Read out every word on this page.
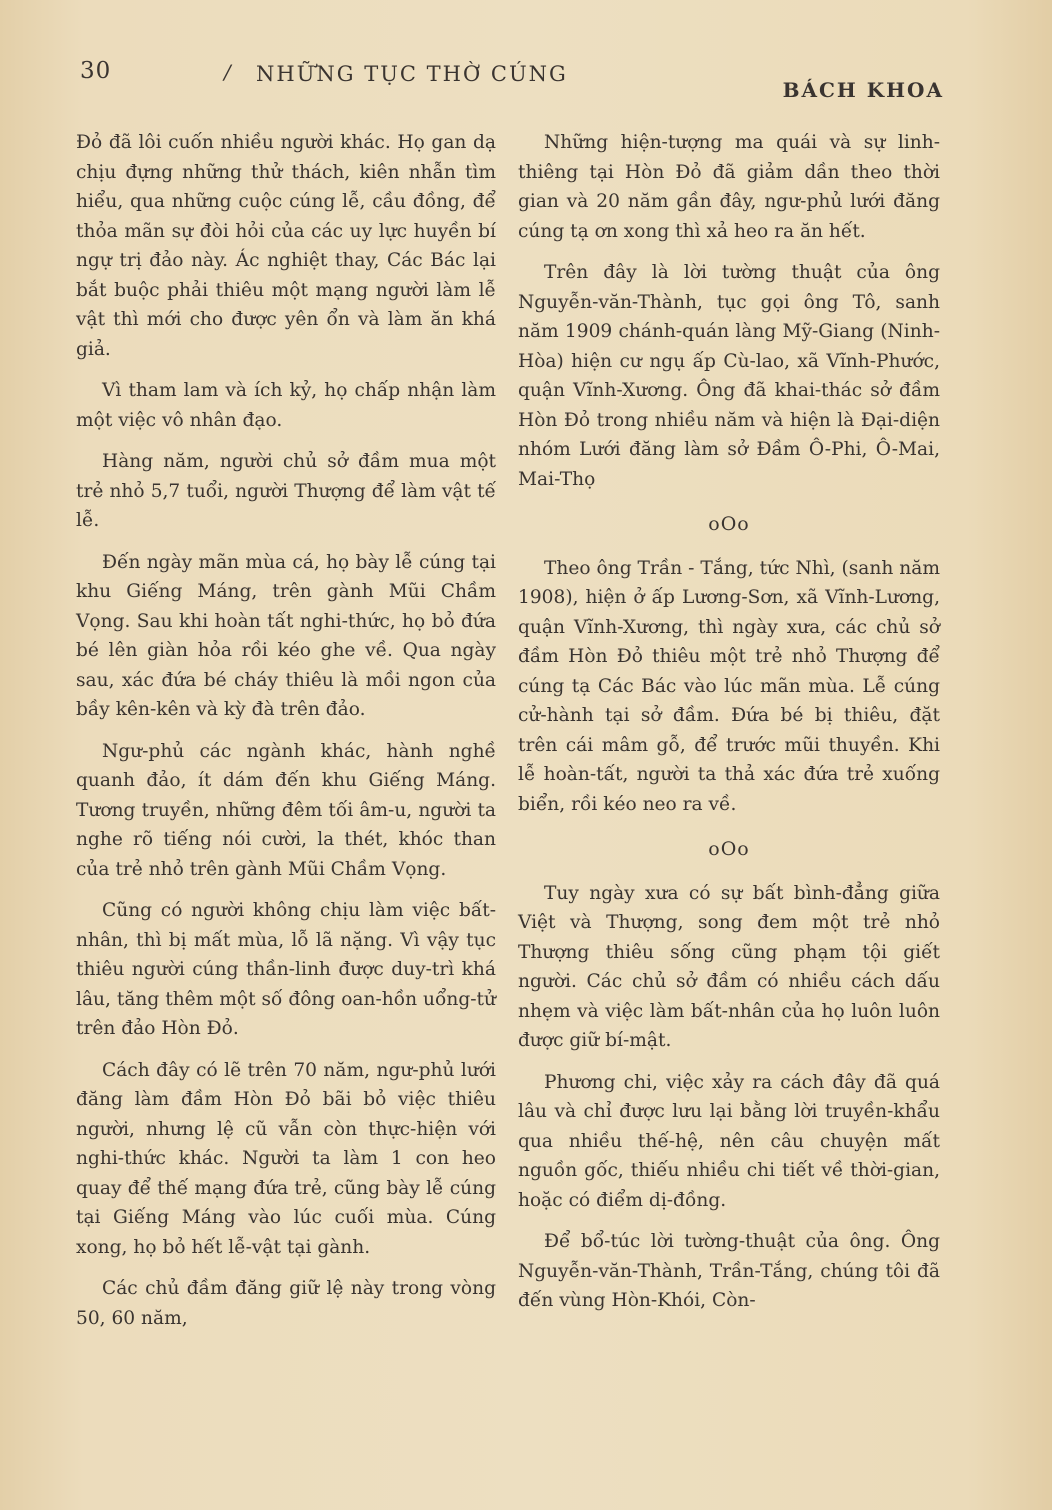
30	/ NHỮNG TỤC THỜ CÚNG
BÁCH KHOA

Đỏ đã lôi cuốn nhiều người khác. Họ gan dạ chịu đựng những thử thách, kiên nhẫn tìm hiểu, qua những cuộc cúng lễ, cầu đồng, để thỏa mãn sự đòi hỏi của các uy lực huyền bí ngự trị đảo này. Ác nghiệt thay, Các Bác lại bắt buộc phải thiêu một mạng người làm lễ vật thì mới cho được yên ổn và làm ăn khá giả.

Vì tham lam và ích kỷ, họ chấp nhận làm một việc vô nhân đạo.

Hàng năm, người chủ sở đầm mua một trẻ nhỏ 5,7 tuổi, người Thượng để làm vật tế lễ.

Đến ngày mãn mùa cá, họ bày lễ cúng tại khu Giếng Máng, trên gành Mũi Chầm Vọng. Sau khi hoàn tất nghi-thức, họ bỏ đứa bé lên giàn hỏa rồi kéo ghe về. Qua ngày sau, xác đứa bé cháy thiêu là mồi ngon của bầy kên-kên và kỳ đà trên đảo.

Ngư-phủ các ngành khác, hành nghề quanh đảo, ít dám đến khu Giếng Máng. Tương truyền, những đêm tối âm-u, người ta nghe rõ tiếng nói cười, la thét, khóc than của trẻ nhỏ trên gành Mũi Chầm Vọng.

Cũng có người không chịu làm việc bất-nhân, thì bị mất mùa, lỗ lã nặng. Vì vậy tục thiêu người cúng thần-linh được duy-trì khá lâu, tăng thêm một số đông oan-hồn uổng-tử trên đảo Hòn Đỏ.

Cách đây có lẽ trên 70 năm, ngư-phủ lưới đăng làm đầm Hòn Đỏ bãi bỏ việc thiêu người, nhưng lệ cũ vẫn còn thực-hiện với nghi-thức khác. Người ta làm 1 con heo quay để thế mạng đứa trẻ, cũng bày lễ cúng tại Giếng Máng vào lúc cuối mùa. Cúng xong, họ bỏ hết lễ-vật tại gành.

Các chủ đầm đăng giữ lệ này trong vòng 50, 60 năm,

Những hiện-tượng ma quái và sự linh-thiêng tại Hòn Đỏ đã giảm dần theo thời gian và 20 năm gần đây, ngư-phủ lưới đăng cúng tạ ơn xong thì xả heo ra ăn hết.

Trên đây là lời tường thuật của ông Nguyễn-văn-Thành, tục gọi ông Tô, sanh năm 1909 chánh-quán làng Mỹ-Giang (Ninh-Hòa) hiện cư ngụ ấp Cù-lao, xã Vĩnh-Phước, quận Vĩnh-Xương. Ông đã khai-thác sở đầm Hòn Đỏ trong nhiều năm và hiện là Đại-diện nhóm Lưới đăng làm sở Đầm Ô-Phi, Ô-Mai, Mai-Thọ

oOo

Theo ông Trần - Tắng, tức Nhì, (sanh năm 1908), hiện ở ấp Lương-Sơn, xã Vĩnh-Lương, quận Vĩnh-Xương, thì ngày xưa, các chủ sở đầm Hòn Đỏ thiêu một trẻ nhỏ Thượng để cúng tạ Các Bác vào lúc mãn mùa. Lễ cúng cử-hành tại sở đầm. Đứa bé bị thiêu, đặt trên cái mâm gỗ, để trước mũi thuyền. Khi lễ hoàn-tất, người ta thả xác đứa trẻ xuống biển, rồi kéo neo ra về.

oOo

Tuy ngày xưa có sự bất bình-đẳng giữa Việt và Thượng, song đem một trẻ nhỏ Thượng thiêu sống cũng phạm tội giết người. Các chủ sở đầm có nhiều cách dấu nhẹm và việc làm bất-nhân của họ luôn luôn được giữ bí-mật.

Phương chi, việc xảy ra cách đây đã quá lâu và chỉ được lưu lại bằng lời truyền-khẩu qua nhiều thế-hệ, nên câu chuyện mất nguồn gốc, thiếu nhiều chi tiết về thời-gian, hoặc có điểm dị-đồng.

Để bổ-túc lời tường-thuật của ông. Ông Nguyễn-văn-Thành, Trần-Tắng, chúng tôi đã đến vùng Hòn-Khói, Còn-
